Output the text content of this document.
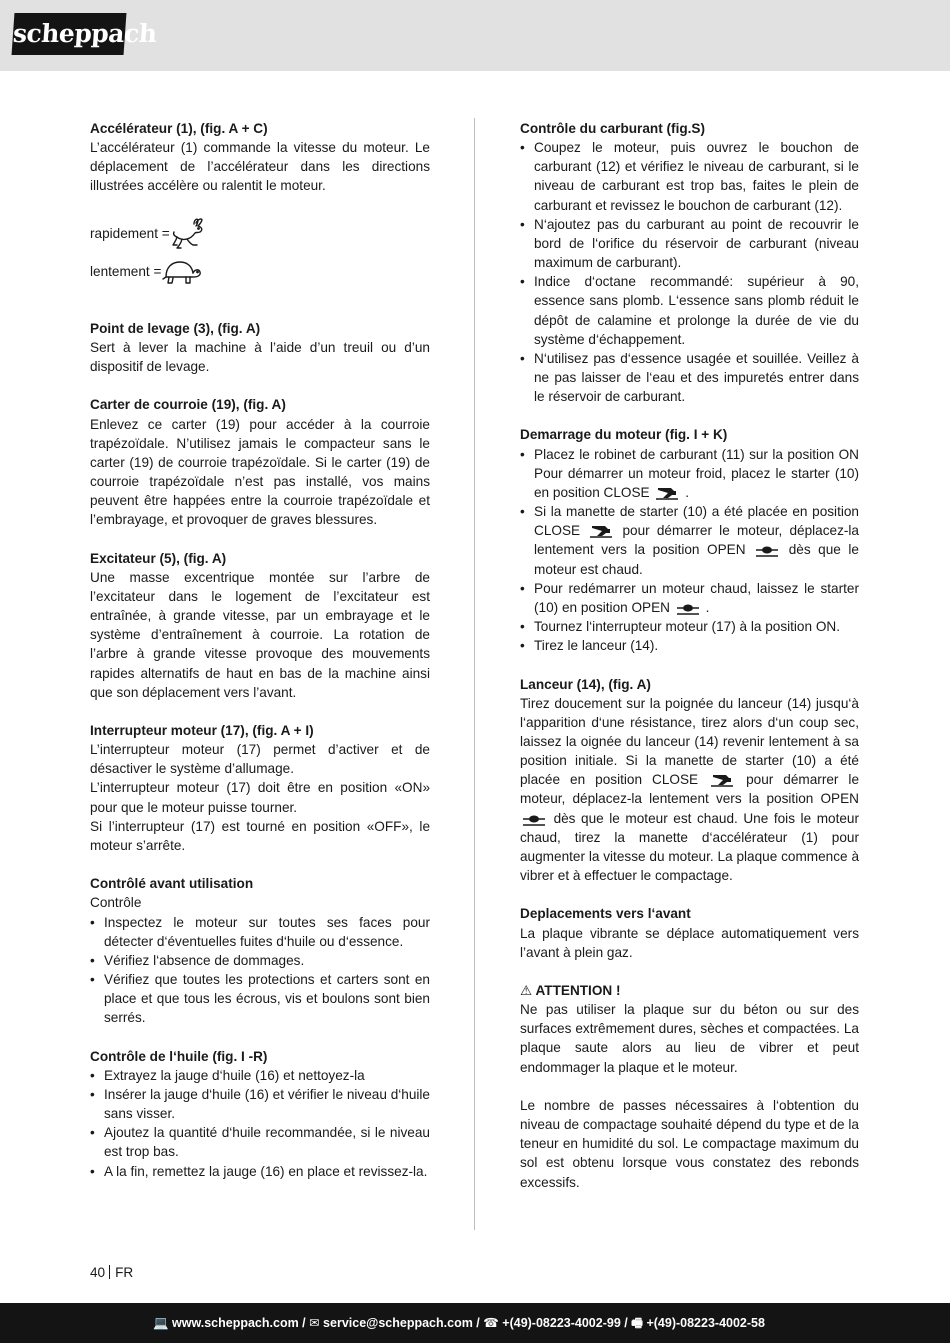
scheppach

Accélérateur (1), (fig. A + C)

L’accélérateur (1) commande la vitesse du moteur. Le déplacement de l’accélérateur dans les directions illustrées accélère ou ralentit le moteur.

rapidement =
lentement =

Point de levage (3), (fig. A)

Sert à lever la machine à l’aide d’un treuil ou d’un dispositif de levage.

Carter de courroie (19), (fig. A)

Enlevez ce carter (19) pour accéder à la courroie trapézoïdale. N’utilisez jamais le compacteur sans le carter (19) de courroie trapézoïdale. Si le carter (19) de courroie trapézoïdale n’est pas installé, vos mains peuvent être happées entre la courroie trapézoïdale et l’embrayage, et provoquer de graves blessures.

Excitateur (5), (fig. A)

Une masse excentrique montée sur l’arbre de l’excitateur dans le logement de l’excitateur est entraînée, à grande vitesse, par un embrayage et le système d’entraînement à courroie. La rotation de l’arbre à grande vitesse provoque des mouvements rapides alternatifs de haut en bas de la machine ainsi que son déplacement vers l’avant.

Interrupteur moteur (17), (fig. A + I)

L’interrupteur moteur (17) permet d’activer et de désactiver le système d’allumage.

L’interrupteur moteur (17) doit être en position «ON» pour que le moteur puisse tourner.

Si l’interrupteur (17) est tourné en position «OFF», le moteur s’arrête.

Contrôlé avant utilisation

Contrôle

• Inspectez le moteur sur toutes ses faces pour détecter d‘éventuelles fuites d‘huile ou d‘essence.
• Vérifiez l‘absence de dommages.
• Vérifiez que toutes les protections et carters sont en place et que tous les écrous, vis et boulons sont bien serrés.

Contrôle de l‘huile (fig. I -R)

• Extrayez la jauge d‘huile (16) et nettoyez-la
• Insérer la jauge d‘huile (16) et vérifier le niveau d‘huile sans visser.
• Ajoutez la quantité d‘huile recommandée, si le niveau est trop bas.
• A la fin, remettez la jauge (16) en place et revissez-la.

Contrôle du carburant (fig.S)

• Coupez le moteur, puis ouvrez le bouchon de carburant (12) et vérifiez le niveau de carburant, si le niveau de carburant est trop bas, faites le plein de carburant et revissez le bouchon de carburant (12).
• N‘ajoutez pas du carburant au point de recouvrir le bord de l‘orifice du réservoir de carburant (niveau maximum de carburant).
• Indice d‘octane recommandé: supérieur à 90, essence sans plomb. L‘essence sans plomb réduit le dépôt de calamine et prolonge la durée de vie du système d‘échappement.
• N‘utilisez pas d‘essence usagée et souillée. Veillez à ne pas laisser de l‘eau et des impuretés entrer dans le réservoir de carburant.

Demarrage du moteur (fig. I + K)

• Placez le robinet de carburant (11) sur la position ON Pour démarrer un moteur froid, placez le starter (10) en position CLOSE	.
• Si la manette de starter (10) a été placée en position CLOSE	pour démarrer le moteur, déplacez-la lentement vers la position OPEN	dès que le moteur est chaud.
• Pour redémarrer un moteur chaud, laissez le starter (10) en position OPEN	.
• Tournez l‘interrupteur moteur (17) à la position ON.
• Tirez le lanceur (14).

Lanceur (14), (fig. A)

Tirez doucement sur la poignée du lanceur (14) jusqu‘à l‘apparition d‘une résistance, tirez alors d‘un coup sec, laissez la oignée du lanceur (14) revenir lentement à sa position initiale. Si la manette de starter (10) a été placée en position CLOSE	pour démarrer le moteur, déplacez-la lentement vers la position OPEN  dès que le moteur est chaud. Une fois le moteur chaud, tirez la manette d‘accélérateur (1) pour augmenter la vitesse du moteur. La plaque commence à vibrer et à effectuer le compactage.

Deplacements vers l‘avant

La plaque vibrante se déplace automatiquement vers l’avant à plein gaz.

⚠ ATTENTION !

Ne pas utiliser la plaque sur du béton ou sur des surfaces extrêmement dures, sèches et compactées. La plaque saute alors au lieu de vibrer et peut endommager la plaque et le moteur.

Le nombre de passes nécessaires à l‘obtention du niveau de compactage souhaité dépend du type et de la teneur en humidité du sol. Le compactage maximum du sol est obtenu lorsque vous constatez des rebonds excessifs.

40 FR
💻 www.scheppach.com / ✉ service@scheppach.com / ☎ +(49)-08223-4002-99 / 🖷 +(49)-08223-4002-58
